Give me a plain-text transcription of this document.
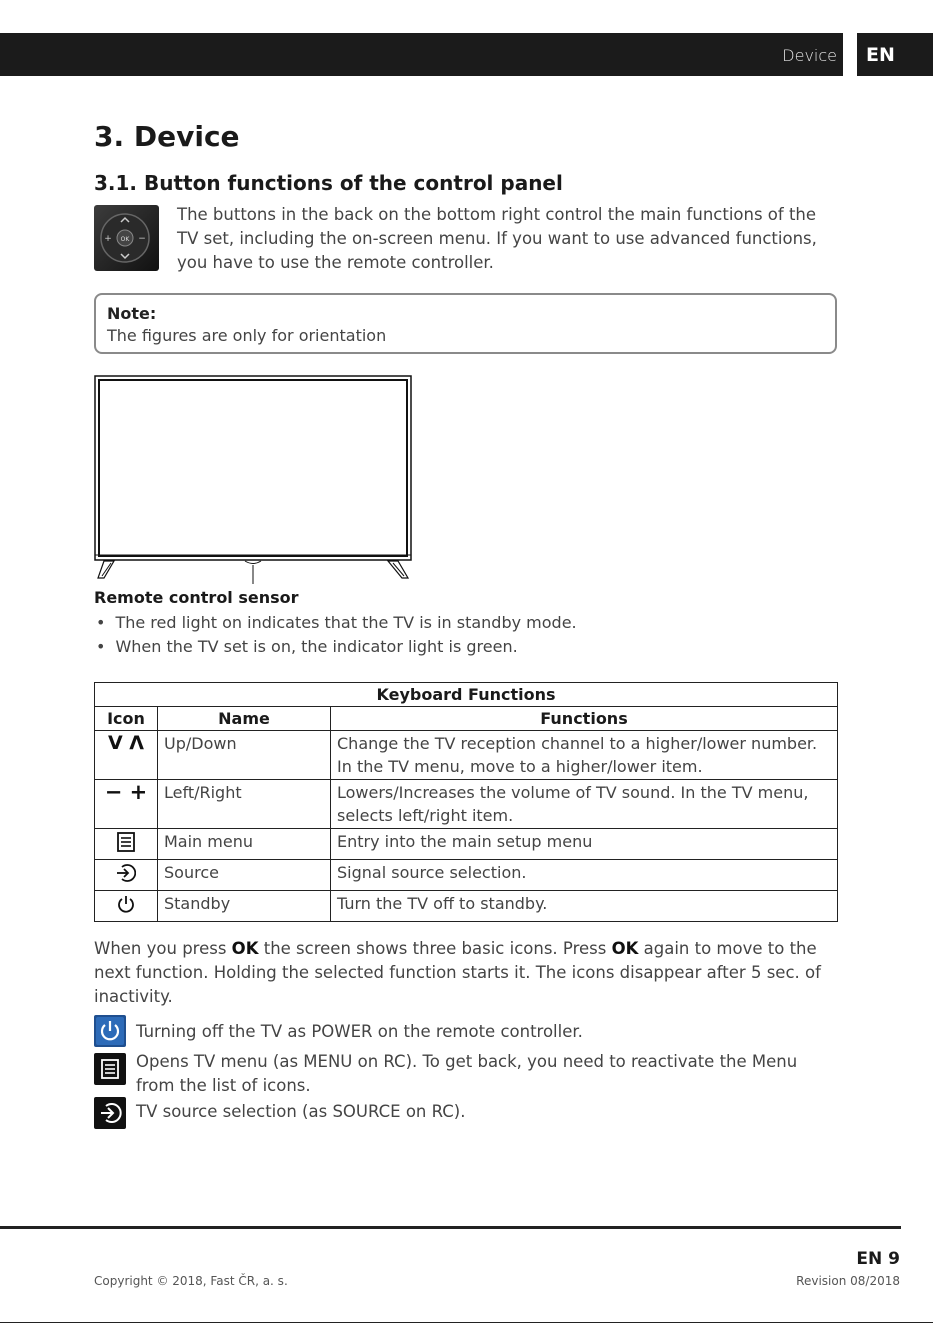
Device	EN
3. Device
3.1. Button functions of the control panel
OK
+	−
The buttons in the back on the bottom right control the main functions of the TV set, including the on-screen menu. If you want to use advanced functions, you have to use the remote controller.
Note:
The figures are only for orientation
Remote control sensor
• The red light on indicates that the TV is in standby mode.
• When the TV set is on, the indicator light is green.
Keyboard Functions		
Icon	Name	Functions
V Λ	Up/Down	Change the TV reception channel to a higher/lower number. In the TV menu, move to a higher/lower item.
− +	Left/Right	Lowers/Increases the volume of TV sound. In the TV menu, selects left/right item.
	Main menu	Entry into the main setup menu
	Source	Signal source selection.
	Standby	Turn the TV off to standby.
When you press OK the screen shows three basic icons. Press OK again to move to the next function. Holding the selected function starts it. The icons disappear after 5 sec. of inactivity.
Turning off the TV as POWER on the remote controller.
Opens TV menu (as MENU on RC). To get back, you need to reactivate the Menu from the list of icons.
TV source selection (as SOURCE on RC).
EN 9
Copyright © 2018, Fast ČR, a. s.	Revision 08/2018
